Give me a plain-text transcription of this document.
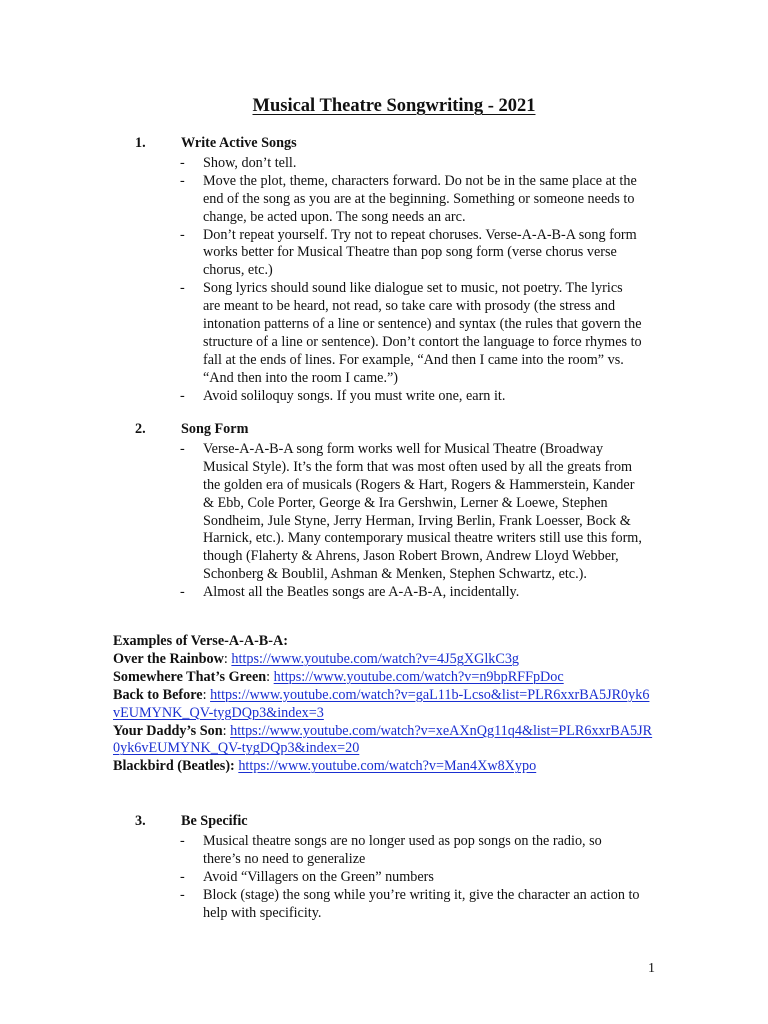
Musical Theatre Songwriting - 2021
1.	Write Active Songs
-	Show, don’t tell.
-	Move the plot, theme, characters forward. Do not be in the same place at the end of the song as you are at the beginning. Something or someone needs to change, be acted upon. The song needs an arc.
-	Don’t repeat yourself. Try not to repeat choruses. Verse-A-A-B-A song form works better for Musical Theatre than pop song form (verse chorus verse chorus, etc.)
-	Song lyrics should sound like dialogue set to music, not poetry. The lyrics are meant to be heard, not read, so take care with prosody (the stress and intonation patterns of a line or sentence) and syntax (the rules that govern the structure of a line or sentence). Don’t contort the language to force rhymes to fall at the ends of lines. For example, “And then I came into the room” vs. “And then into the room I came.”)
-	Avoid soliloquy songs. If you must write one, earn it.
2.	Song Form
-	Verse-A-A-B-A song form works well for Musical Theatre (Broadway Musical Style). It’s the form that was most often used by all the greats from the golden era of musicals (Rogers & Hart, Rogers & Hammerstein, Kander & Ebb, Cole Porter, George & Ira Gershwin, Lerner & Loewe, Stephen Sondheim, Jule Styne, Jerry Herman, Irving Berlin, Frank Loesser, Bock & Harnick, etc.). Many contemporary musical theatre writers still use this form, though (Flaherty & Ahrens, Jason Robert Brown, Andrew Lloyd Webber, Schonberg & Boublil, Ashman & Menken, Stephen Schwartz, etc.).
-	Almost all the Beatles songs are A-A-B-A, incidentally.

Examples of Verse-A-A-B-A:

Over the Rainbow: https://www.youtube.com/watch?v=4J5gXGlkC3g

Somewhere That’s Green: https://www.youtube.com/watch?v=n9bpRFFpDoc

Back to Before: https://www.youtube.com/watch?v=gaL11b-Lcso&list=PLR6xxrBA5JR0yk6vEUMYNK_QV-tygDQp3&index=3

Your Daddy’s Son: https://www.youtube.com/watch?v=xeAXnQg11q4&list=PLR6xxrBA5JR0yk6vEUMYNK_QV-tygDQp3&index=20

Blackbird (Beatles): https://www.youtube.com/watch?v=Man4Xw8Xypo

3.	Be Specific
-	Musical theatre songs are no longer used as pop songs on the radio, so there’s no need to generalize
-	Avoid “Villagers on the Green” numbers
-	Block (stage) the song while you’re writing it, give the character an action to help with specificity.
1
